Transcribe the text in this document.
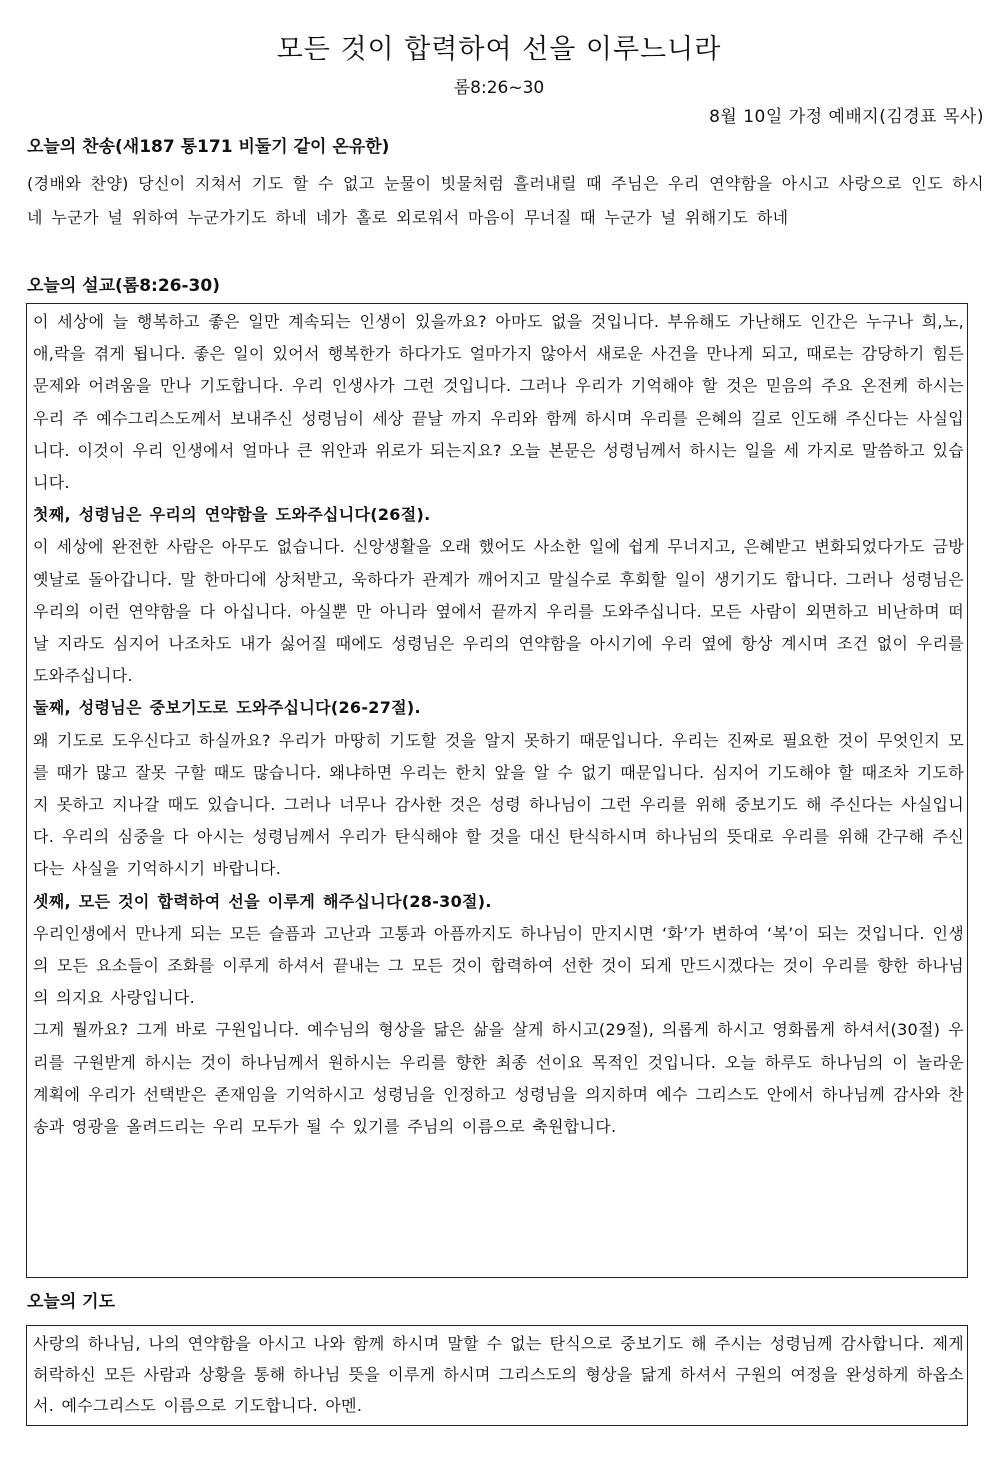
모든 것이 합력하여 선을 이루느니라
롬8:26~30
8월 10일 가정 예배지(김경표 목사)
오늘의 찬송(새187 통171 비둘기 같이 온유한)
(경배와 찬양) 당신이 지쳐서 기도 할 수 없고 눈물이 빗물처럼 흘러내릴 때 주님은 우리 연약함을 아시고 사랑으로 인도 하시네 누군가 널 위하여 누군가기도 하네 네가 홀로 외로워서 마음이 무너질 때 누군가 널 위해기도 하네
오늘의 설교(롬8:26-30)

이 세상에 늘 행복하고 좋은 일만 계속되는 인생이 있을까요? 아마도 없을 것입니다. 부유해도 가난해도 인간은 누구나 희,노,애,락을 겪게 됩니다. 좋은 일이 있어서 행복한가 하다가도 얼마가지 않아서 새로운 사건을 만나게 되고, 때로는 감당하기 힘든 문제와 어려움을 만나 기도합니다. 우리 인생사가 그런 것입니다. 그러나 우리가 기억해야 할 것은 믿음의 주요 온전케 하시는 우리 주 예수그리스도께서 보내주신 성령님이 세상 끝날 까지 우리와 함께 하시며 우리를 은혜의 길로 인도해 주신다는 사실입니다. 이것이 우리 인생에서 얼마나 큰 위안과 위로가 되는지요? 오늘 본문은 성령님께서 하시는 일을 세 가지로 말씀하고 있습니다.

첫째, 성령님은 우리의 연약함을 도와주십니다(26절).

이 세상에 완전한 사람은 아무도 없습니다. 신앙생활을 오래 했어도 사소한 일에 쉽게 무너지고, 은혜받고 변화되었다가도 금방 옛날로 돌아갑니다. 말 한마디에 상처받고, 욱하다가 관계가 깨어지고 말실수로 후회할 일이 생기기도 합니다. 그러나 성령님은 우리의 이런 연약함을 다 아십니다. 아실뿐 만 아니라 옆에서 끝까지 우리를 도와주십니다. 모든 사람이 외면하고 비난하며 떠날 지라도 심지어 나조차도 내가 싫어질 때에도 성령님은 우리의 연약함을 아시기에 우리 옆에 항상 계시며 조건 없이 우리를 도와주십니다.

둘째, 성령님은 중보기도로 도와주십니다(26-27절).

왜 기도로 도우신다고 하실까요? 우리가 마땅히 기도할 것을 알지 못하기 때문입니다. 우리는 진짜로 필요한 것이 무엇인지 모를 때가 많고 잘못 구할 때도 많습니다. 왜냐하면 우리는 한치 앞을 알 수 없기 때문입니다. 심지어 기도해야 할 때조차 기도하지 못하고 지나갈 때도 있습니다. 그러나 너무나 감사한 것은 성령 하나님이 그런 우리를 위해 중보기도 해 주신다는 사실입니다. 우리의 심중을 다 아시는 성령님께서 우리가 탄식해야 할 것을 대신 탄식하시며 하나님의 뜻대로 우리를 위해 간구해 주신다는 사실을 기억하시기 바랍니다.

셋째, 모든 것이 합력하여 선을 이루게 해주십니다(28-30절).

우리인생에서 만나게 되는 모든 슬픔과 고난과 고통과 아픔까지도 하나님이 만지시면 ‘화’가 변하여 ‘복’이 되는 것입니다. 인생의 모든 요소들이 조화를 이루게 하셔서 끝내는 그 모든 것이 합력하여 선한 것이 되게 만드시겠다는 것이 우리를 향한 하나님의 의지요 사랑입니다.

그게 뭘까요? 그게 바로 구원입니다. 예수님의 형상을 닮은 삶을 살게 하시고(29절), 의롭게 하시고 영화롭게 하셔서(30절) 우리를 구원받게 하시는 것이 하나님께서 원하시는 우리를 향한 최종 선이요 목적인 것입니다. 오늘 하루도 하나님의 이 놀라운 계획에 우리가 선택받은 존재임을 기억하시고 성령님을 인정하고 성령님을 의지하며 예수 그리스도 안에서 하나님께 감사와 찬송과 영광을 올려드리는 우리 모두가 될 수 있기를 주님의 이름으로 축원합니다.

오늘의 기도

사랑의 하나님, 나의 연약함을 아시고 나와 함께 하시며 말할 수 없는 탄식으로 중보기도 해 주시는 성령님께 감사합니다. 제게 허락하신 모든 사람과 상황을 통해 하나님 뜻을 이루게 하시며 그리스도의 형상을 닮게 하셔서 구원의 여정을 완성하게 하옵소서. 예수그리스도 이름으로 기도합니다. 아멘.
